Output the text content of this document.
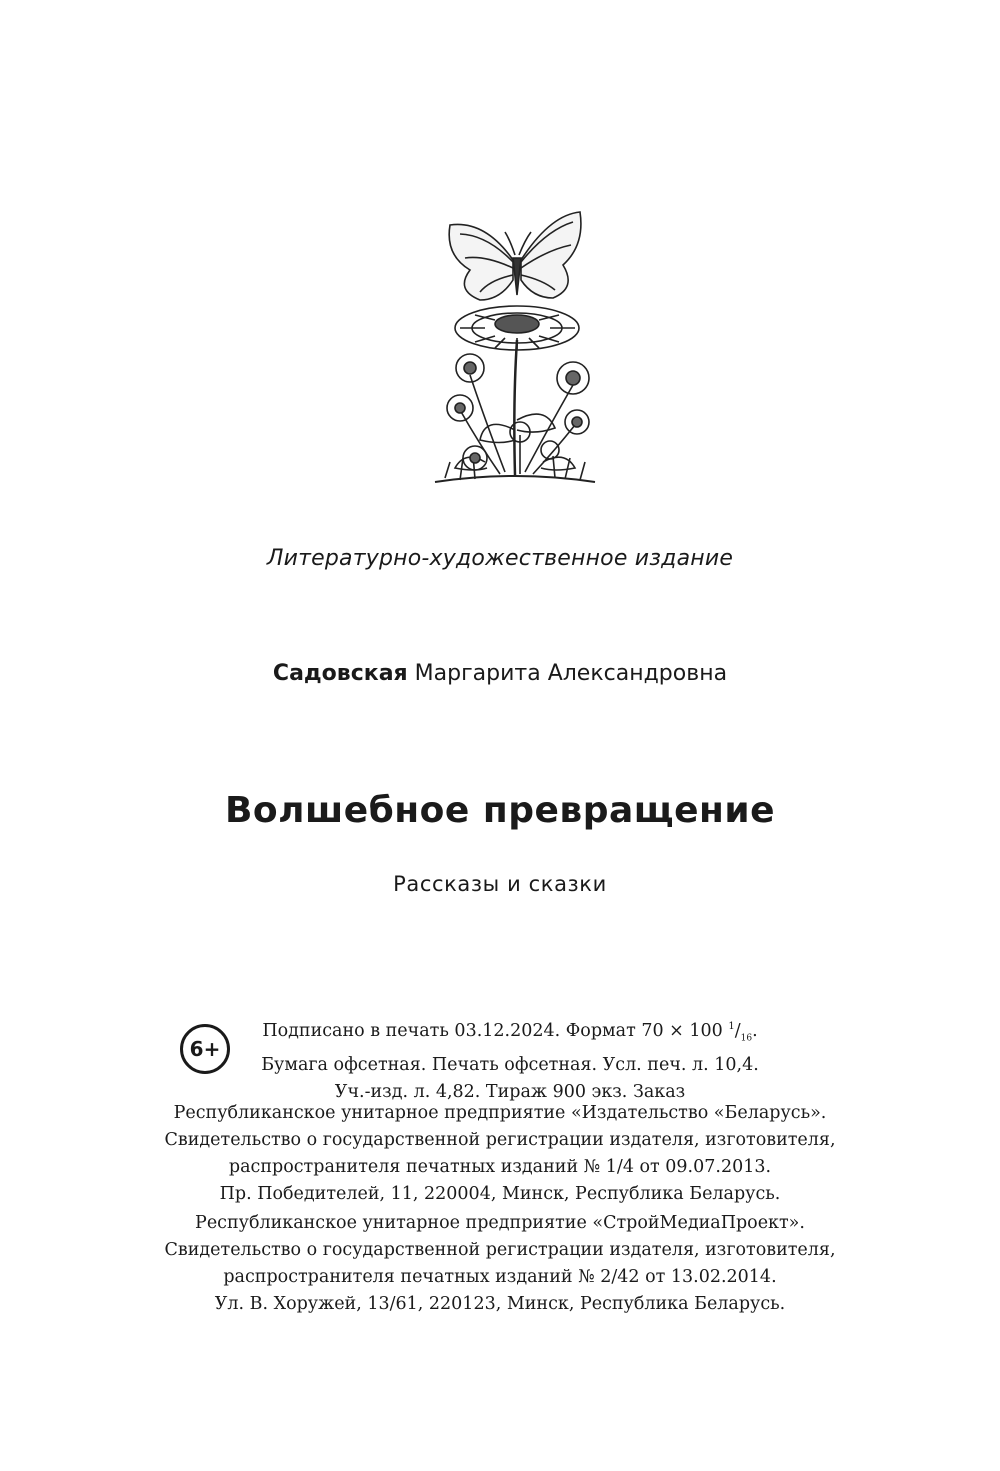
Литературно-художественное издание
Садовская Маргарита Александровна
Волшебное превращение
Рассказы и сказки
6+
Подписано в печать 03.12.2024. Формат 70 × 100 $^1/_{16}$.
Бумага офсетная. Печать офсетная. Усл. печ. л. 10,4.
Уч.-изд. л. 4,82. Тираж 900 экз. Заказ
Республиканское унитарное предприятие «Издательство «Беларусь».
Свидетельство о государственной регистрации издателя, изготовителя,
распространителя печатных изданий № 1/4 от 09.07.2013.
Пр. Победителей, 11, 220004, Минск, Республика Беларусь.
Республиканское унитарное предприятие «СтройМедиаПроект».
Свидетельство о государственной регистрации издателя, изготовителя,
распространителя печатных изданий № 2/42 от 13.02.2014.
Ул. В. Хоружей, 13/61, 220123, Минск, Республика Беларусь.
